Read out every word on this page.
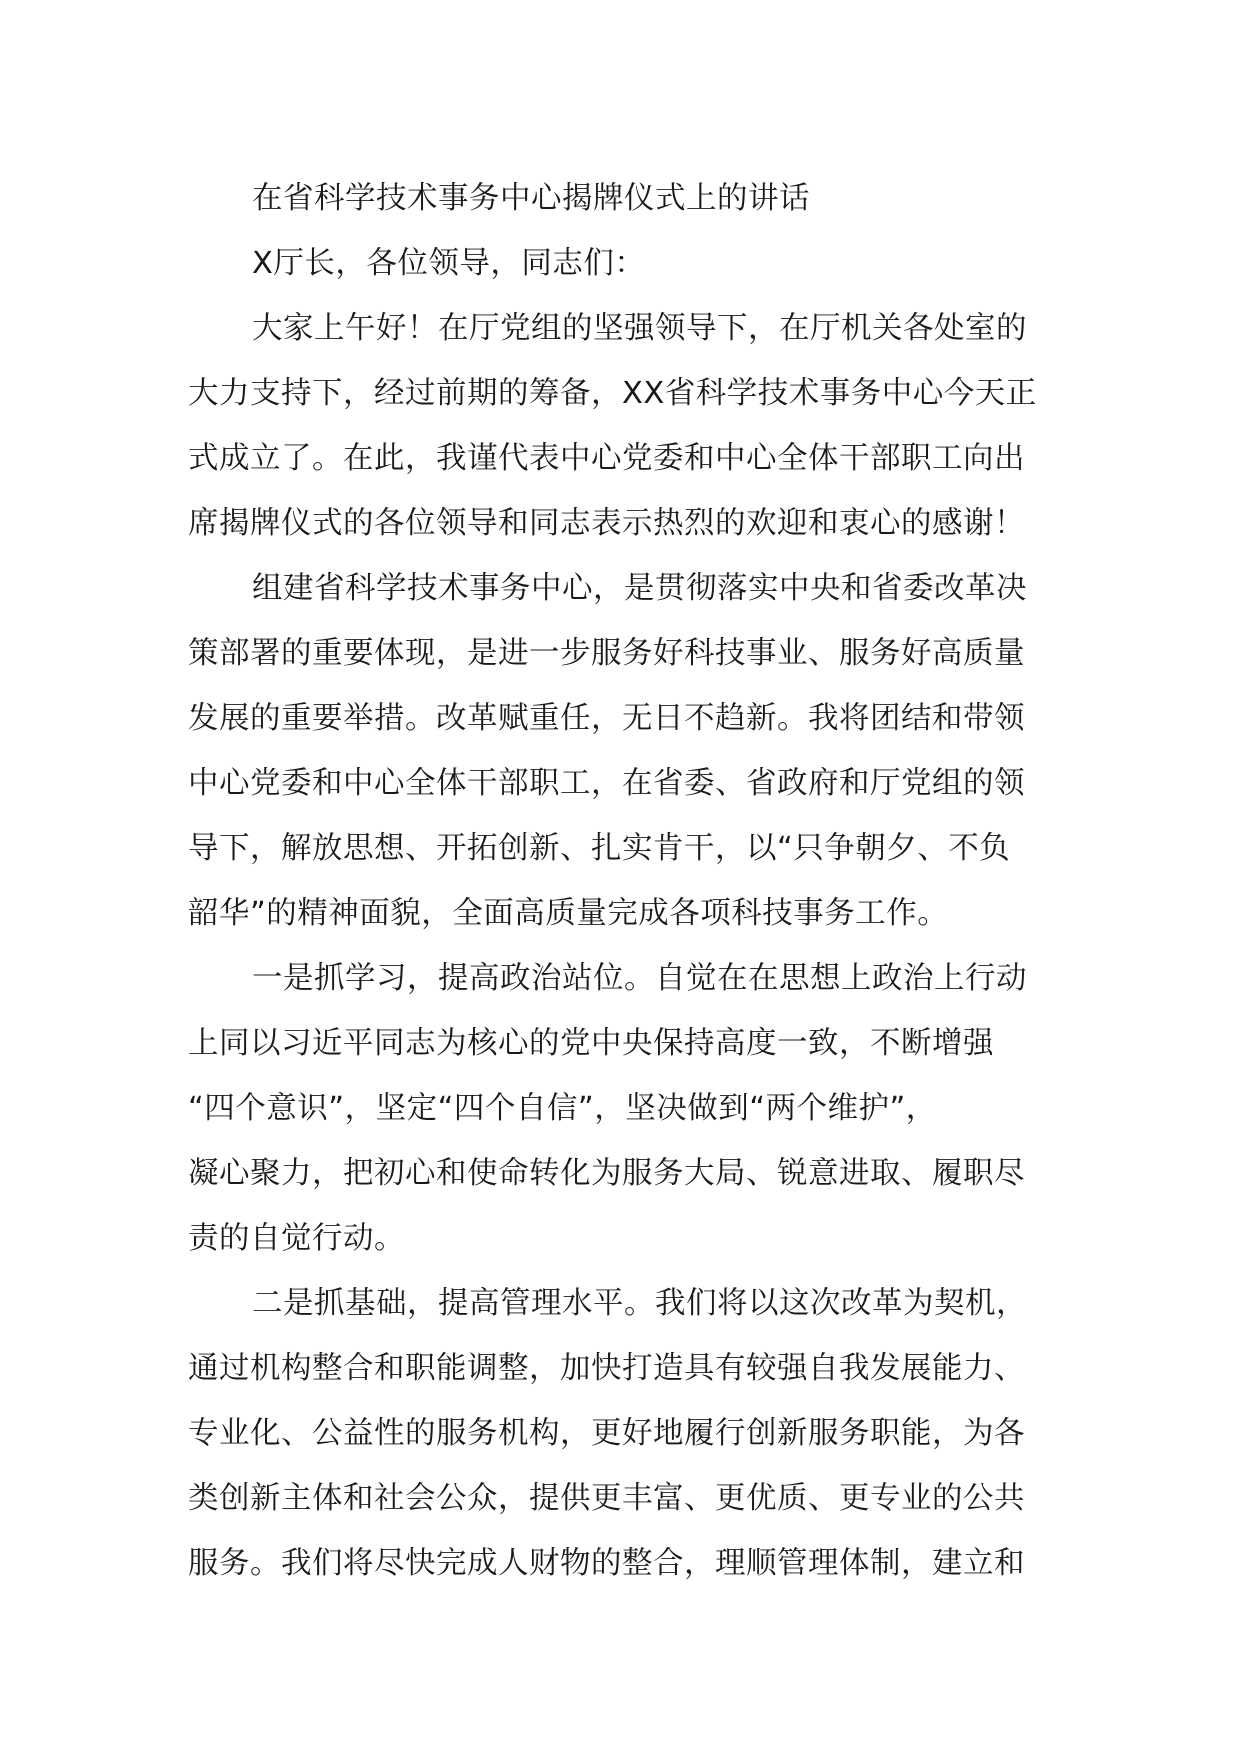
在省科学技术事务中心揭牌仪式上的讲话
X厅长，各位领导，同志们：
大家上午好！在厅党组的坚强领导下，在厅机关各处室的
大力支持下，经过前期的筹备，XX省科学技术事务中心今天正
式成立了。在此，我谨代表中心党委和中心全体干部职工向出
席揭牌仪式的各位领导和同志表示热烈的欢迎和衷心的感谢！
组建省科学技术事务中心，是贯彻落实中央和省委改革决
策部署的重要体现，是进一步服务好科技事业、服务好高质量
发展的重要举措。改革赋重任，无日不趋新。我将团结和带领
中心党委和中心全体干部职工，在省委、省政府和厅党组的领
导下，解放思想、开拓创新、扎实肯干，以“只争朝夕、不负
韶华”的精神面貌，全面高质量完成各项科技事务工作。
一是抓学习，提高政治站位。自觉在在思想上政治上行动
上同以习近平同志为核心的党中央保持高度一致，不断增强
“四个意识”，坚定“四个自信”，坚决做到“两个维护”，
凝心聚力，把初心和使命转化为服务大局、锐意进取、履职尽
责的自觉行动。
二是抓基础，提高管理水平。我们将以这次改革为契机，
通过机构整合和职能调整，加快打造具有较强自我发展能力、
专业化、公益性的服务机构，更好地履行创新服务职能，为各
类创新主体和社会公众，提供更丰富、更优质、更专业的公共
服务。我们将尽快完成人财物的整合，理顺管理体制，建立和
